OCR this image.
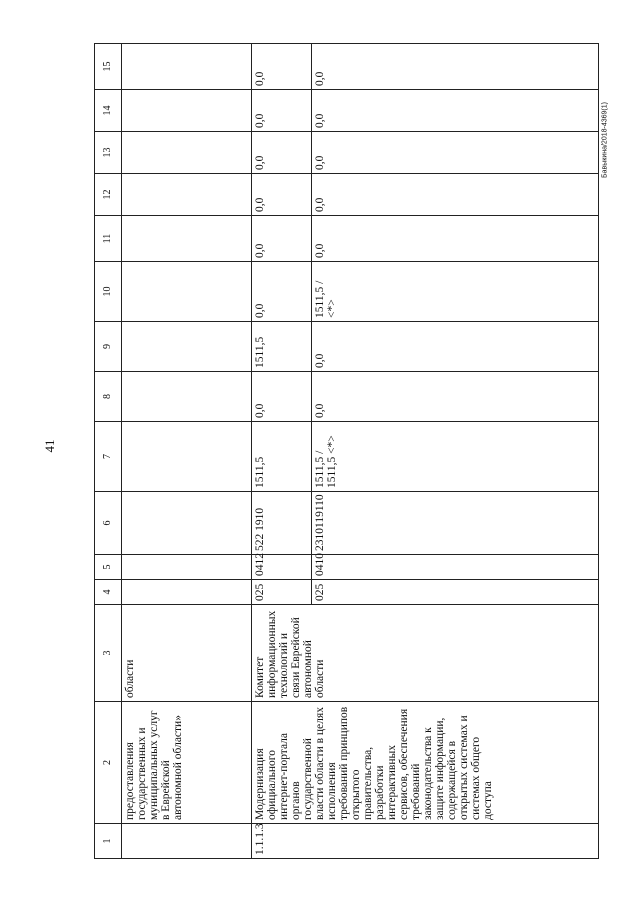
41
Бавыкина/2018-4369(1)
1	2	3	4	5	6	7	8	9	10	11	12	13	14	15
	предоставления государственных и муниципальных услуг в Еврейской автономной области»	области												
1.1.1.3	Модернизация официального интернет-портала органов государственной власти области в целях исполнения требований принципов открытого правительства, разработки интерактивных сервисов, обеспечения требований законодательства к защите информации, содержащейся в открытых системах и системах общего доступа	Комитет информационных технологий и связи Еврейской автономной области	025	0412	522 1910	1511,5	0,0	1511,5	0,0	0,0	0,0	0,0	0,0	0,0
			025	0410	2310119110	1511,5 / 1511,5 <*>	0,0	0,0	1511,5 / <*>	0,0	0,0	0,0	0,0	0,0
